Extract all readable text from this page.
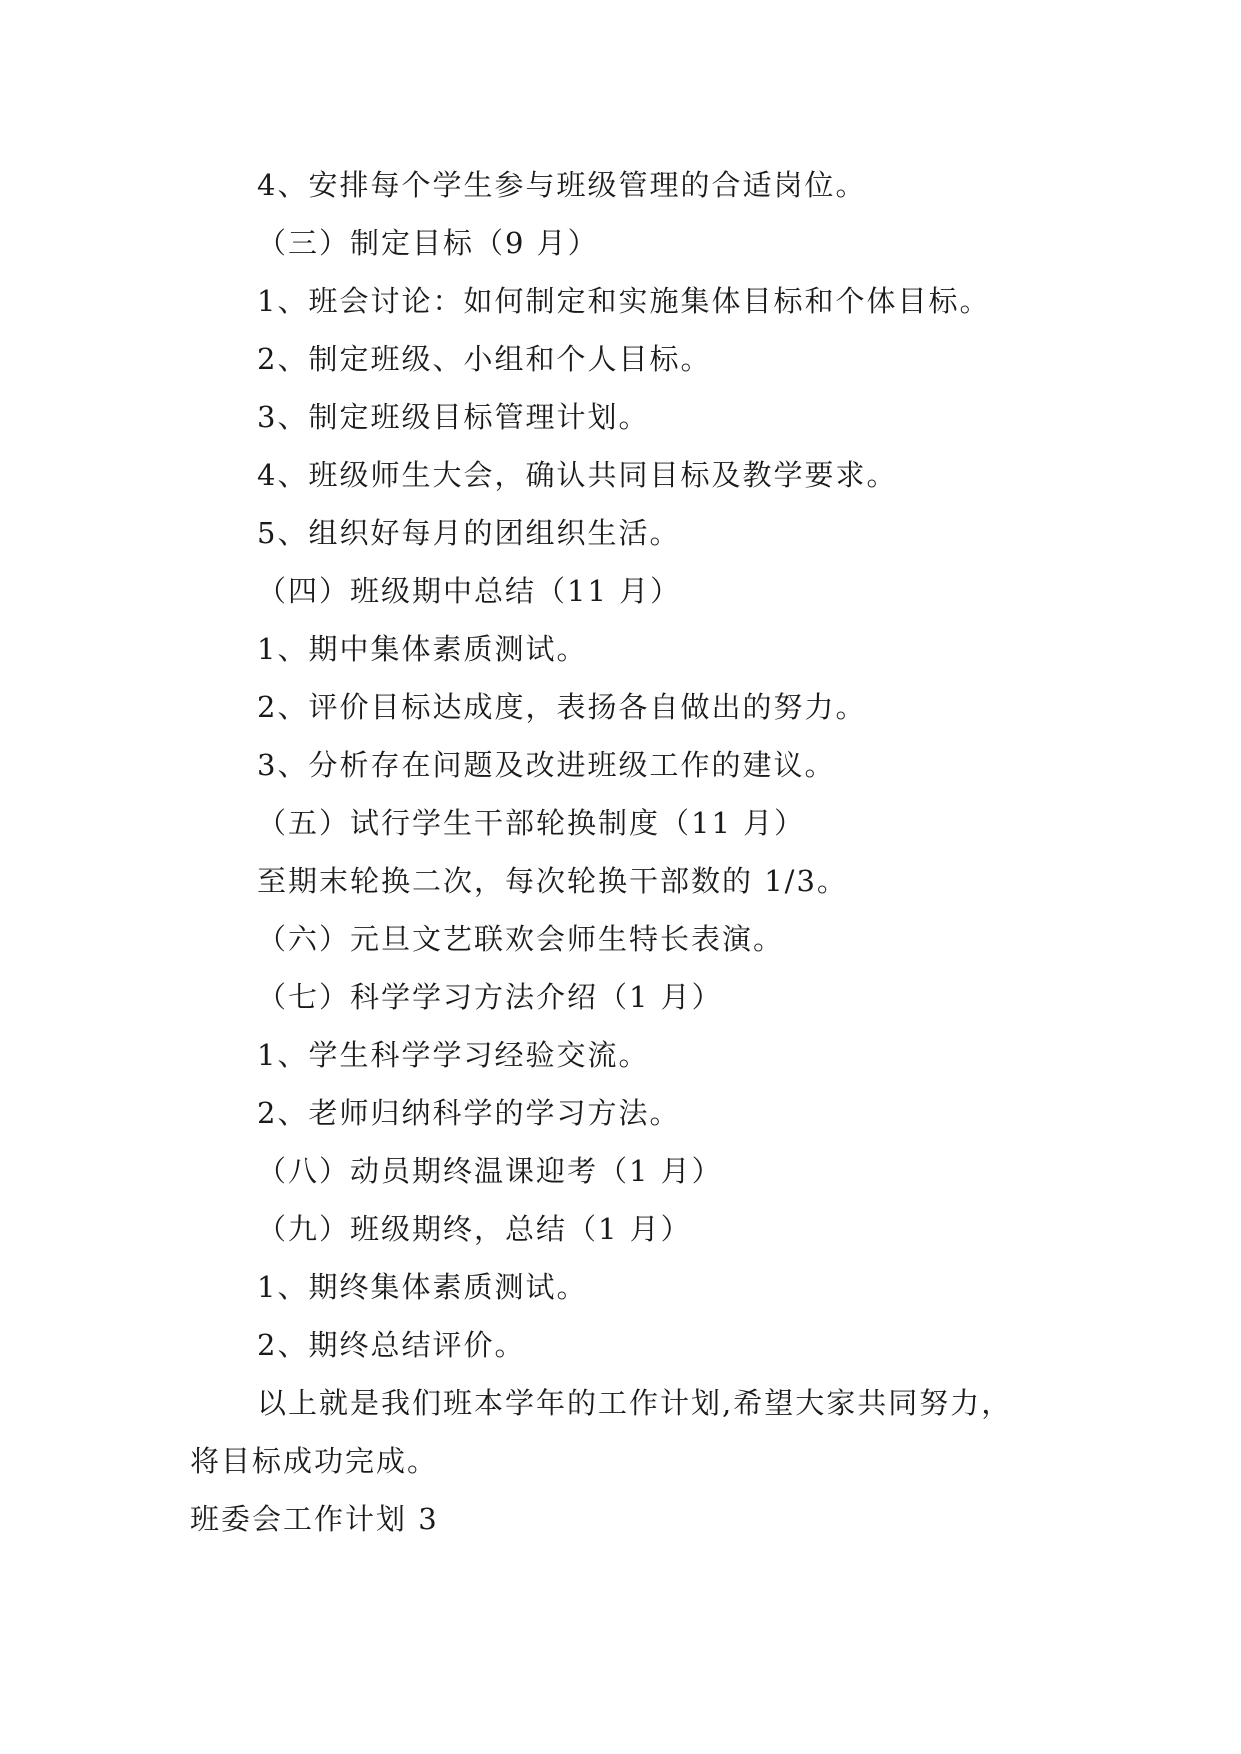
4、安排每个学生参与班级管理的合适岗位。
（三）制定目标（9 月）
1、班会讨论：如何制定和实施集体目标和个体目标。
2、制定班级、小组和个人目标。
3、制定班级目标管理计划。
4、班级师生大会，确认共同目标及教学要求。
5、组织好每月的团组织生活。
（四）班级期中总结（11 月）
1、期中集体素质测试。
2、评价目标达成度，表扬各自做出的努力。
3、分析存在问题及改进班级工作的建议。
（五）试行学生干部轮换制度（11 月）
至期末轮换二次，每次轮换干部数的 1/3。
（六）元旦文艺联欢会师生特长表演。
（七）科学学习方法介绍（1 月）
1、学生科学学习经验交流。
2、老师归纳科学的学习方法。
（八）动员期终温课迎考（1 月）
（九）班级期终，总结（1 月）
1、期终集体素质测试。
2、期终总结评价。
以上就是我们班本学年的工作计划,希望大家共同努力，
将目标成功完成。
班委会工作计划 3
